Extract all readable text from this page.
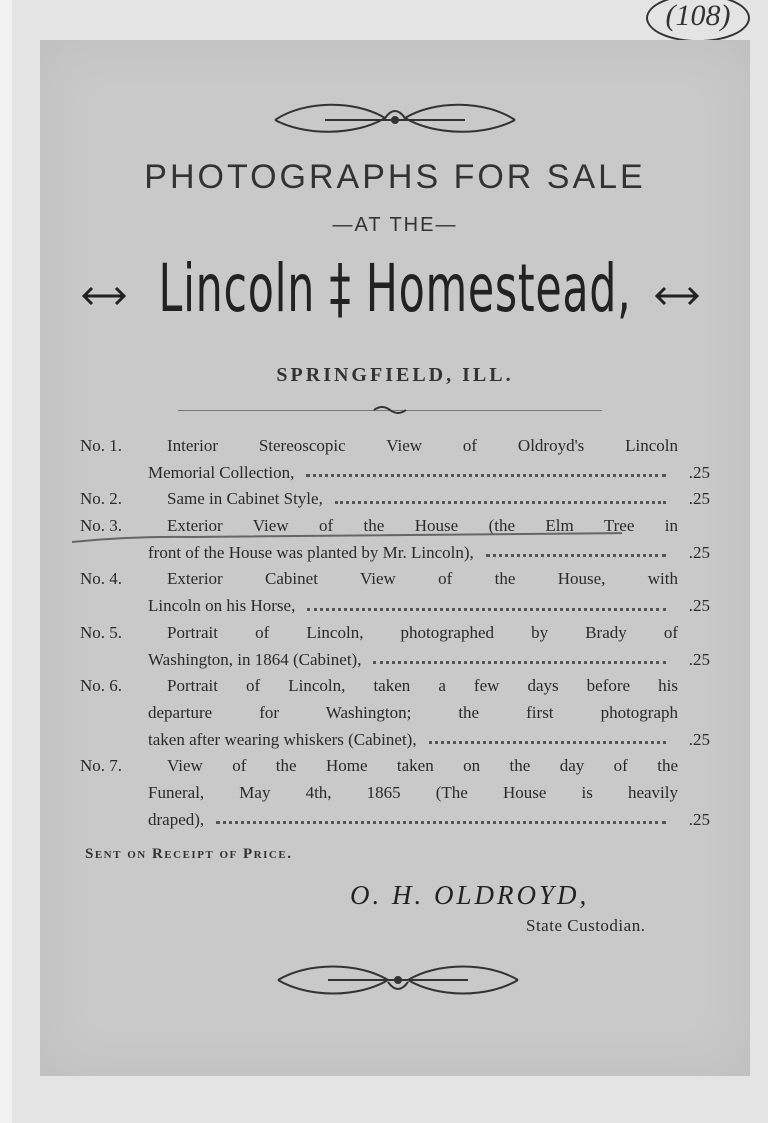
(108)
PHOTOGRAPHS FOR SALE
—AT THE—
Lincoln ‡ Homestead,
SPRINGFIELD, ILL.
No. 1.	Interior Stereoscopic View of Oldroyd's Lincoln
Memorial Collection,	.25
No. 2.	Same in Cabinet Style,	.25
No. 3.	Exterior View of the House (the Elm Tree in
front of the House was planted by Mr. Lincoln),	.25
No. 4.	Exterior Cabinet View of the House, with
Lincoln on his Horse,	.25
No. 5.	Portrait of Lincoln, photographed by Brady of
Washington, in 1864 (Cabinet),	.25
No. 6.	Portrait of Lincoln, taken a few days before his
departure for Washington; the first photograph
taken after wearing whiskers (Cabinet),	.25
No. 7.	View of the Home taken on the day of the
Funeral, May 4th, 1865 (The House is heavily
draped),	.25
Sent on Receipt of Price.
O. H. OLDROYD,
State Custodian.
